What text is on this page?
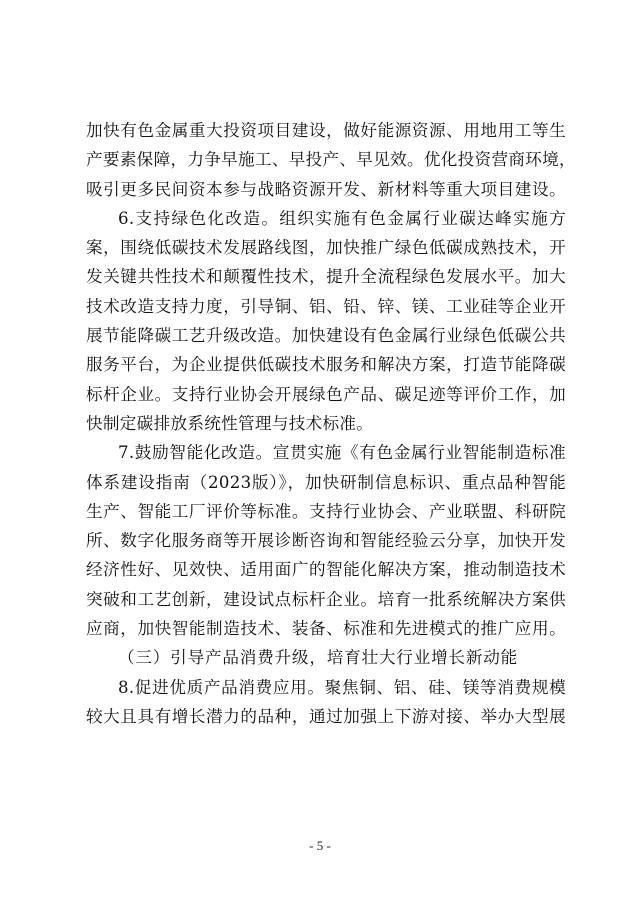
加快有色金属重大投资项目建设，做好能源资源、用地用工等生
产要素保障，力争早施工、早投产、早见效。优化投资营商环境，
吸引更多民间资本参与战略资源开发、新材料等重大项目建设。
6.支持绿色化改造。组织实施有色金属行业碳达峰实施方
案，围绕低碳技术发展路线图，加快推广绿色低碳成熟技术，开
发关键共性技术和颠覆性技术，提升全流程绿色发展水平。加大
技术改造支持力度，引导铜、铝、铅、锌、镁、工业硅等企业开
展节能降碳工艺升级改造。加快建设有色金属行业绿色低碳公共
服务平台，为企业提供低碳技术服务和解决方案，打造节能降碳
标杆企业。支持行业协会开展绿色产品、碳足迹等评价工作，加
快制定碳排放系统性管理与技术标准。
7.鼓励智能化改造。宣贯实施《有色金属行业智能制造标准
体系建设指南（2023版）》，加快研制信息标识、重点品种智能
生产、智能工厂评价等标准。支持行业协会、产业联盟、科研院
所、数字化服务商等开展诊断咨询和智能经验云分享，加快开发
经济性好、见效快、适用面广的智能化解决方案，推动制造技术
突破和工艺创新，建设试点标杆企业。培育一批系统解决方案供
应商，加快智能制造技术、装备、标准和先进模式的推广应用。
（三）引导产品消费升级，培育壮大行业增长新动能
8.促进优质产品消费应用。聚焦铜、铝、硅、镁等消费规模
较大且具有增长潜力的品种，通过加强上下游对接、举办大型展
- 5 -
